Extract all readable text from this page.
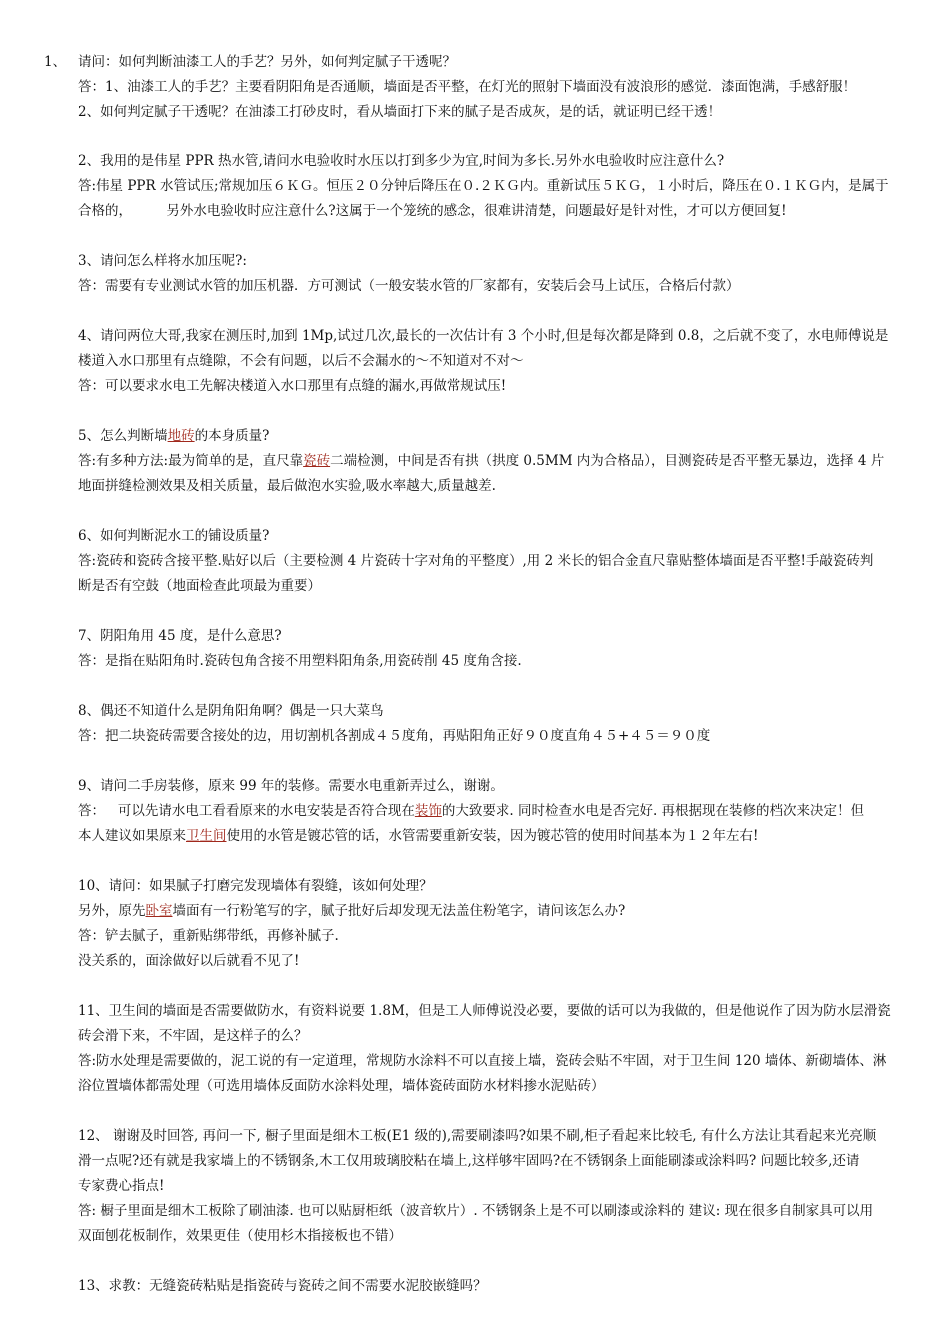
1、 请问：如何判断油漆工人的手艺？另外，如何判定腻子干透呢？
答：1、油漆工人的手艺？主要看阴阳角是否通顺，墙面是否平整，在灯光的照射下墙面没有波浪形的感觉．漆面饱满，手感舒服！
2、如何判定腻子干透呢？在油漆工打砂皮时，看从墙面打下来的腻子是否成灰，是的话，就证明已经干透！
2、我用的是伟星 PPR 热水管,请问水电验收时水压以打到多少为宜,时间为多长.另外水电验收时应注意什么?
答:伟星 PPR 水管试压;常规加压６ＫＧ。恒压２０分钟后降压在０.２ＫＧ内。重新试压５ＫＧ，１小时后，降压在０.１ＫＧ内，是属于
合格的，        另外水电验收时应注意什么?这属于一个笼统的感念，很难讲清楚，问题最好是针对性，才可以方便回复!
3、请问怎么样将水加压呢?:
答：需要有专业测试水管的加压机器．方可测试（一般安装水管的厂家都有，安装后会马上试压，合格后付款）
4、请问两位大哥,我家在测压时,加到 1Mp,试过几次,最长的一次估计有 3 个小时,但是每次都是降到 0.8，之后就不变了，水电师傅说是
楼道入水口那里有点缝隙，不会有问题，以后不会漏水的～不知道对不对～
答：可以要求水电工先解决楼道入水口那里有点缝的漏水,再做常规试压!
5、怎么判断墙地砖的本身质量?
答:有多种方法:最为简单的是，直尺靠瓷砖二端检测，中间是否有拱（拱度 0.5MM 内为合格品），目测瓷砖是否平整无暴边，选择 4 片
地面拼缝检测效果及相关质量，最后做泡水实验,吸水率越大,质量越差.
6、如何判断泥水工的铺设质量?
答:瓷砖和瓷砖含接平整.贴好以后（主要检测 4 片瓷砖十字对角的平整度）,用 2 米长的铝合金直尺靠贴整体墙面是否平整!手敲瓷砖判
断是否有空鼓（地面检查此项最为重要）
7、阴阳角用 45 度，是什么意思?
答：是指在贴阳角时.瓷砖包角含接不用塑料阳角条,用瓷砖削 45 度角含接.
8、偶还不知道什么是阴角阳角啊？偶是一只大菜鸟
答：把二块瓷砖需要含接处的边，用切割机各割成４５度角，再贴阳角正好９０度直角４５+４５＝９０度
9、请问二手房装修，原来 99 年的装修。需要水电重新弄过么，谢谢。
答：   可以先请水电工看看原来的水电安装是否符合现在装饰的大致要求. 同时检查水电是否完好. 再根据现在装修的档次来决定！但
本人建议如果原来卫生间使用的水管是镀芯管的话，水管需要重新安装，因为镀芯管的使用时间基本为１２年左右!
10、请问：如果腻子打磨完发现墙体有裂缝，该如何处理？
另外，原先卧室墙面有一行粉笔写的字，腻子批好后却发现无法盖住粉笔字，请问该怎么办?
答：铲去腻子，重新贴绑带纸，再修补腻子.
没关系的，面涂做好以后就看不见了!
11、卫生间的墙面是否需要做防水，有资料说要 1.8M，但是工人师傅说没必要，要做的话可以为我做的，但是他说作了因为防水层滑瓷
砖会滑下来，不牢固，是这样子的么？
答:防水处理是需要做的，泥工说的有一定道理，常规防水涂料不可以直接上墙，瓷砖会贴不牢固，对于卫生间 120 墙体、新砌墙体、淋
浴位置墙体都需处理（可选用墙体反面防水涂料处理，墙体瓷砖面防水材料掺水泥贴砖）
12、 谢谢及时回答, 再问一下, 橱子里面是细木工板(E1 级的),需要刷漆吗?如果不刷,柜子看起来比较毛, 有什么方法让其看起来光亮顺
滑一点呢?还有就是我家墙上的不锈钢条,木工仅用玻璃胶粘在墙上,这样够牢固吗?在不锈钢条上面能刷漆或涂料吗? 问题比较多,还请
专家费心指点!
答: 橱子里面是细木工板除了刷油漆. 也可以贴厨柜纸（波音软片）. 不锈钢条上是不可以刷漆或涂料的 建议: 现在很多自制家具可以用
双面刨花板制作，效果更佳（使用杉木指接板也不错）
13、求教：无缝瓷砖粘贴是指瓷砖与瓷砖之间不需要水泥胶嵌缝吗？
